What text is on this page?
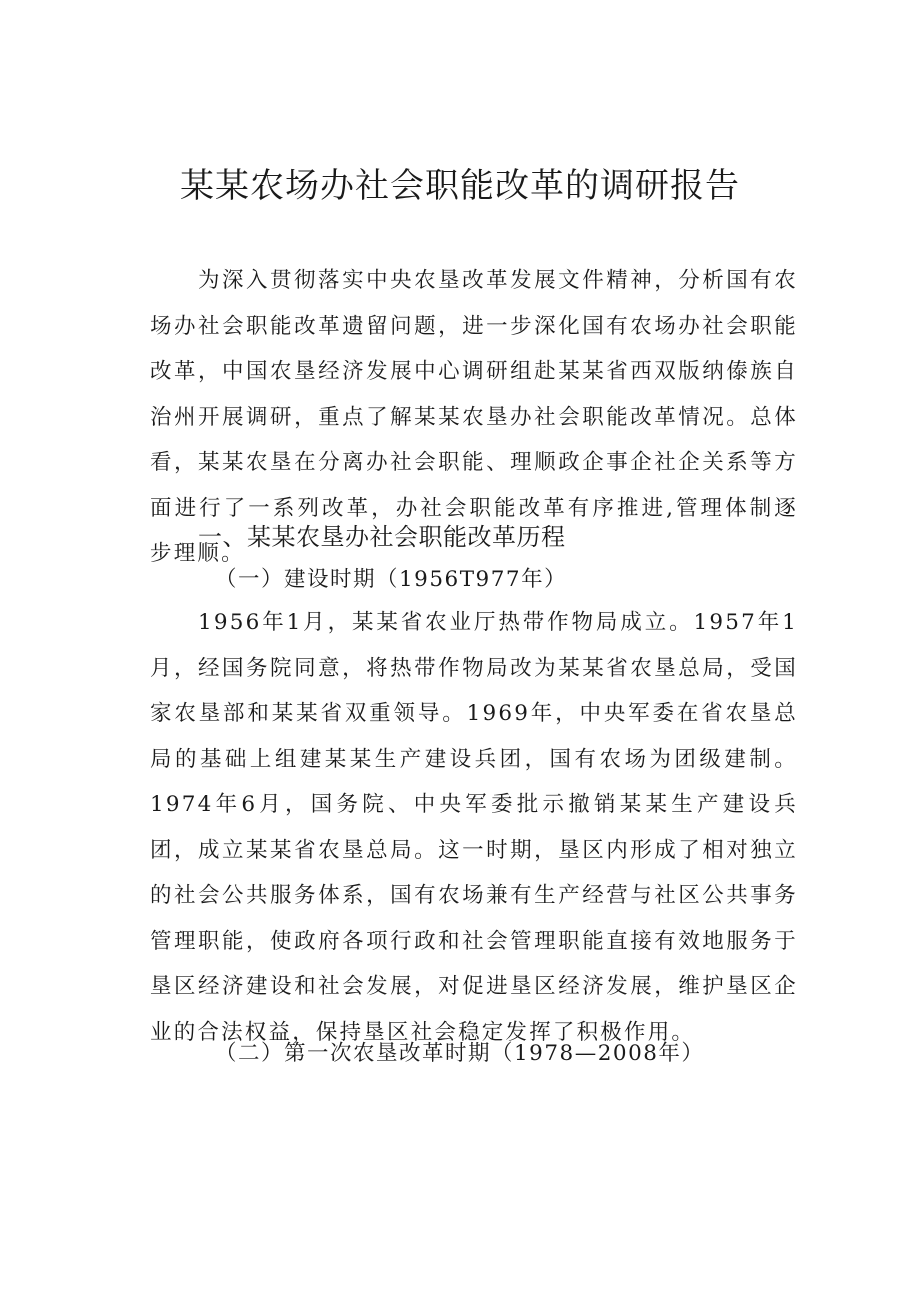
某某农场办社会职能改革的调研报告

为深入贯彻落实中央农垦改革发展文件精神，分析国有农场办社会职能改革遗留问题，进一步深化国有农场办社会职能改革，中国农垦经济发展中心调研组赴某某省西双版纳傣族自治州开展调研，重点了解某某农垦办社会职能改革情况。总体看，某某农垦在分离办社会职能、理顺政企事企社企关系等方面进行了一系列改革，办社会职能改革有序推进,管理体制逐步理顺。

一、某某农垦办社会职能改革历程
（一）建设时期（1956T977年）

1956年1月，某某省农业厅热带作物局成立。1957年1月，经国务院同意，将热带作物局改为某某省农垦总局，受国家农垦部和某某省双重领导。1969年，中央军委在省农垦总局的基础上组建某某生产建设兵团，国有农场为团级建制。1974年6月，国务院、中央军委批示撤销某某生产建设兵团，成立某某省农垦总局。这一时期，垦区内形成了相对独立的社会公共服务体系，国有农场兼有生产经营与社区公共事务管理职能，使政府各项行政和社会管理职能直接有效地服务于垦区经济建设和社会发展，对促进垦区经济发展，维护垦区企业的合法权益，保持垦区社会稳定发挥了积极作用。

（二）第一次农垦改革时期（1978—2008年）
